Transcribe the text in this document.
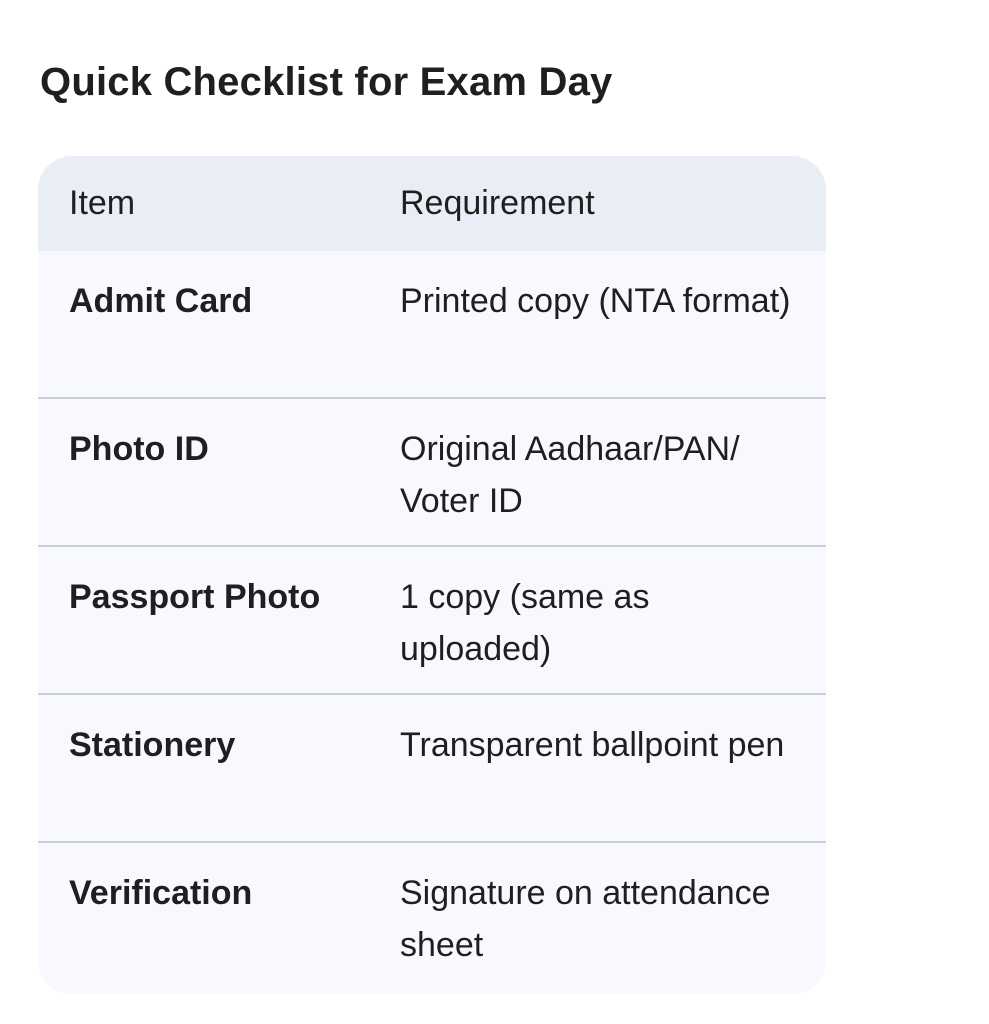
Quick Checklist for Exam Day
Item	Requirement
Admit Card	Printed copy (NTA format)
Photo ID	Original Aadhaar/PAN/ Voter ID
Passport Photo	1 copy (same as uploaded)
Stationery	Transparent ballpoint pen
Verification	Signature on attendance sheet
